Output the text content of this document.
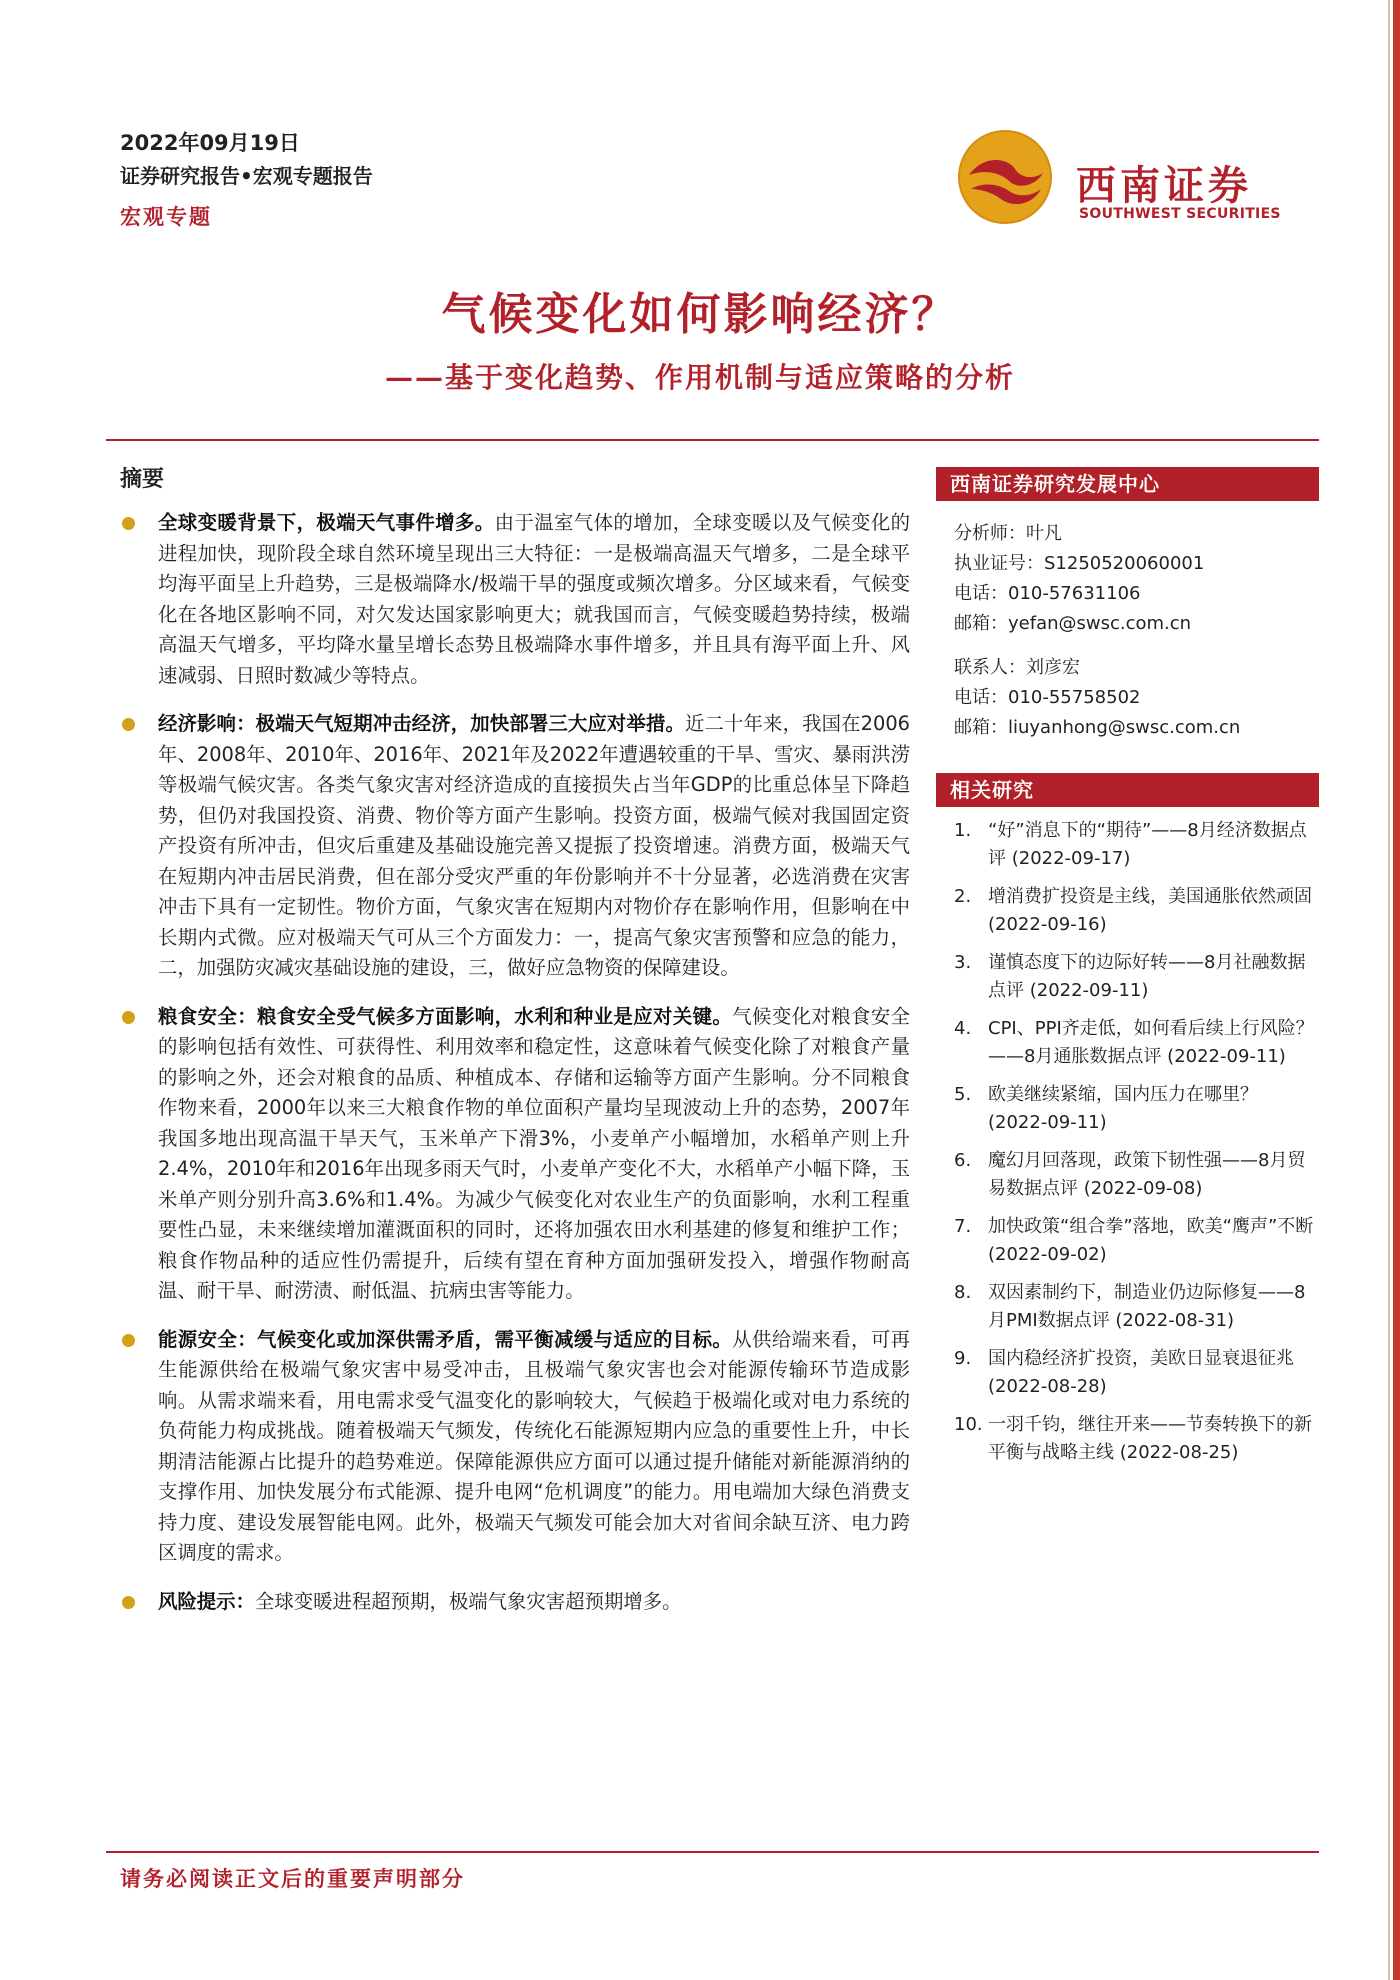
2022年09月19日
证券研究报告•宏观专题报告
宏观专题
西南证券
SOUTHWEST SECURITIES
气候变化如何影响经济？
——基于变化趋势、作用机制与适应策略的分析
摘要
全球变暖背景下，极端天气事件增多。由于温室气体的增加，全球变暖以及气候变化的进程加快，现阶段全球自然环境呈现出三大特征：一是极端高温天气增多，二是全球平均海平面呈上升趋势，三是极端降水/极端干旱的强度或频次增多。分区域来看，气候变化在各地区影响不同，对欠发达国家影响更大；就我国而言，气候变暖趋势持续，极端高温天气增多，平均降水量呈增长态势且极端降水事件增多，并且具有海平面上升、风速减弱、日照时数减少等特点。
经济影响：极端天气短期冲击经济，加快部署三大应对举措。近二十年来，我国在2006年、2008年、2010年、2016年、2021年及2022年遭遇较重的干旱、雪灾、暴雨洪涝等极端气候灾害。各类气象灾害对经济造成的直接损失占当年GDP的比重总体呈下降趋势，但仍对我国投资、消费、物价等方面产生影响。投资方面，极端气候对我国固定资产投资有所冲击，但灾后重建及基础设施完善又提振了投资增速。消费方面，极端天气在短期内冲击居民消费，但在部分受灾严重的年份影响并不十分显著，必选消费在灾害冲击下具有一定韧性。物价方面，气象灾害在短期内对物价存在影响作用，但影响在中长期内式微。应对极端天气可从三个方面发力：一，提高气象灾害预警和应急的能力，二，加强防灾减灾基础设施的建设，三，做好应急物资的保障建设。
粮食安全：粮食安全受气候多方面影响，水利和种业是应对关键。气候变化对粮食安全的影响包括有效性、可获得性、利用效率和稳定性，这意味着气候变化除了对粮食产量的影响之外，还会对粮食的品质、种植成本、存储和运输等方面产生影响。分不同粮食作物来看，2000年以来三大粮食作物的单位面积产量均呈现波动上升的态势，2007年我国多地出现高温干旱天气，玉米单产下滑3%，小麦单产小幅增加，水稻单产则上升2.4%，2010年和2016年出现多雨天气时，小麦单产变化不大，水稻单产小幅下降，玉米单产则分别升高3.6%和1.4%。为减少气候变化对农业生产的负面影响，水利工程重要性凸显，未来继续增加灌溉面积的同时，还将加强农田水利基建的修复和维护工作；粮食作物品种的适应性仍需提升，后续有望在育种方面加强研发投入，增强作物耐高温、耐干旱、耐涝渍、耐低温、抗病虫害等能力。
能源安全：气候变化或加深供需矛盾，需平衡减缓与适应的目标。从供给端来看，可再生能源供给在极端气象灾害中易受冲击，且极端气象灾害也会对能源传输环节造成影响。从需求端来看，用电需求受气温变化的影响较大，气候趋于极端化或对电力系统的负荷能力构成挑战。随着极端天气频发，传统化石能源短期内应急的重要性上升，中长期清洁能源占比提升的趋势难逆。保障能源供应方面可以通过提升储能对新能源消纳的支撑作用、加快发展分布式能源、提升电网“危机调度”的能力。用电端加大绿色消费支持力度、建设发展智能电网。此外，极端天气频发可能会加大对省间余缺互济、电力跨区调度的需求。
风险提示：全球变暖进程超预期，极端气象灾害超预期增多。
西南证券研究发展中心
分析师：叶凡
执业证号：S1250520060001
电话：010-57631106
邮箱：yefan@swsc.com.cn
联系人：刘彦宏
电话：010-55758502
邮箱：liuyanhong@swsc.com.cn
相关研究
1. “好”消息下的“期待”——8月经济数据点评 (2022-09-17)
2. 增消费扩投资是主线，美国通胀依然顽固 (2022-09-16)
3. 谨慎态度下的边际好转——8月社融数据点评 (2022-09-11)
4. CPI、PPI齐走低，如何看后续上行风险？——8月通胀数据点评 (2022-09-11)
5. 欧美继续紧缩，国内压力在哪里？ (2022-09-11)
6. 魔幻月回落现，政策下韧性强——8月贸易数据点评 (2022-09-08)
7. 加快政策“组合拳”落地，欧美“鹰声”不断 (2022-09-02)
8. 双因素制约下，制造业仍边际修复——8月PMI数据点评 (2022-08-31)
9. 国内稳经济扩投资，美欧日显衰退征兆 (2022-08-28)
10. 一羽千钧，继往开来——节奏转换下的新平衡与战略主线 (2022-08-25)
请务必阅读正文后的重要声明部分
